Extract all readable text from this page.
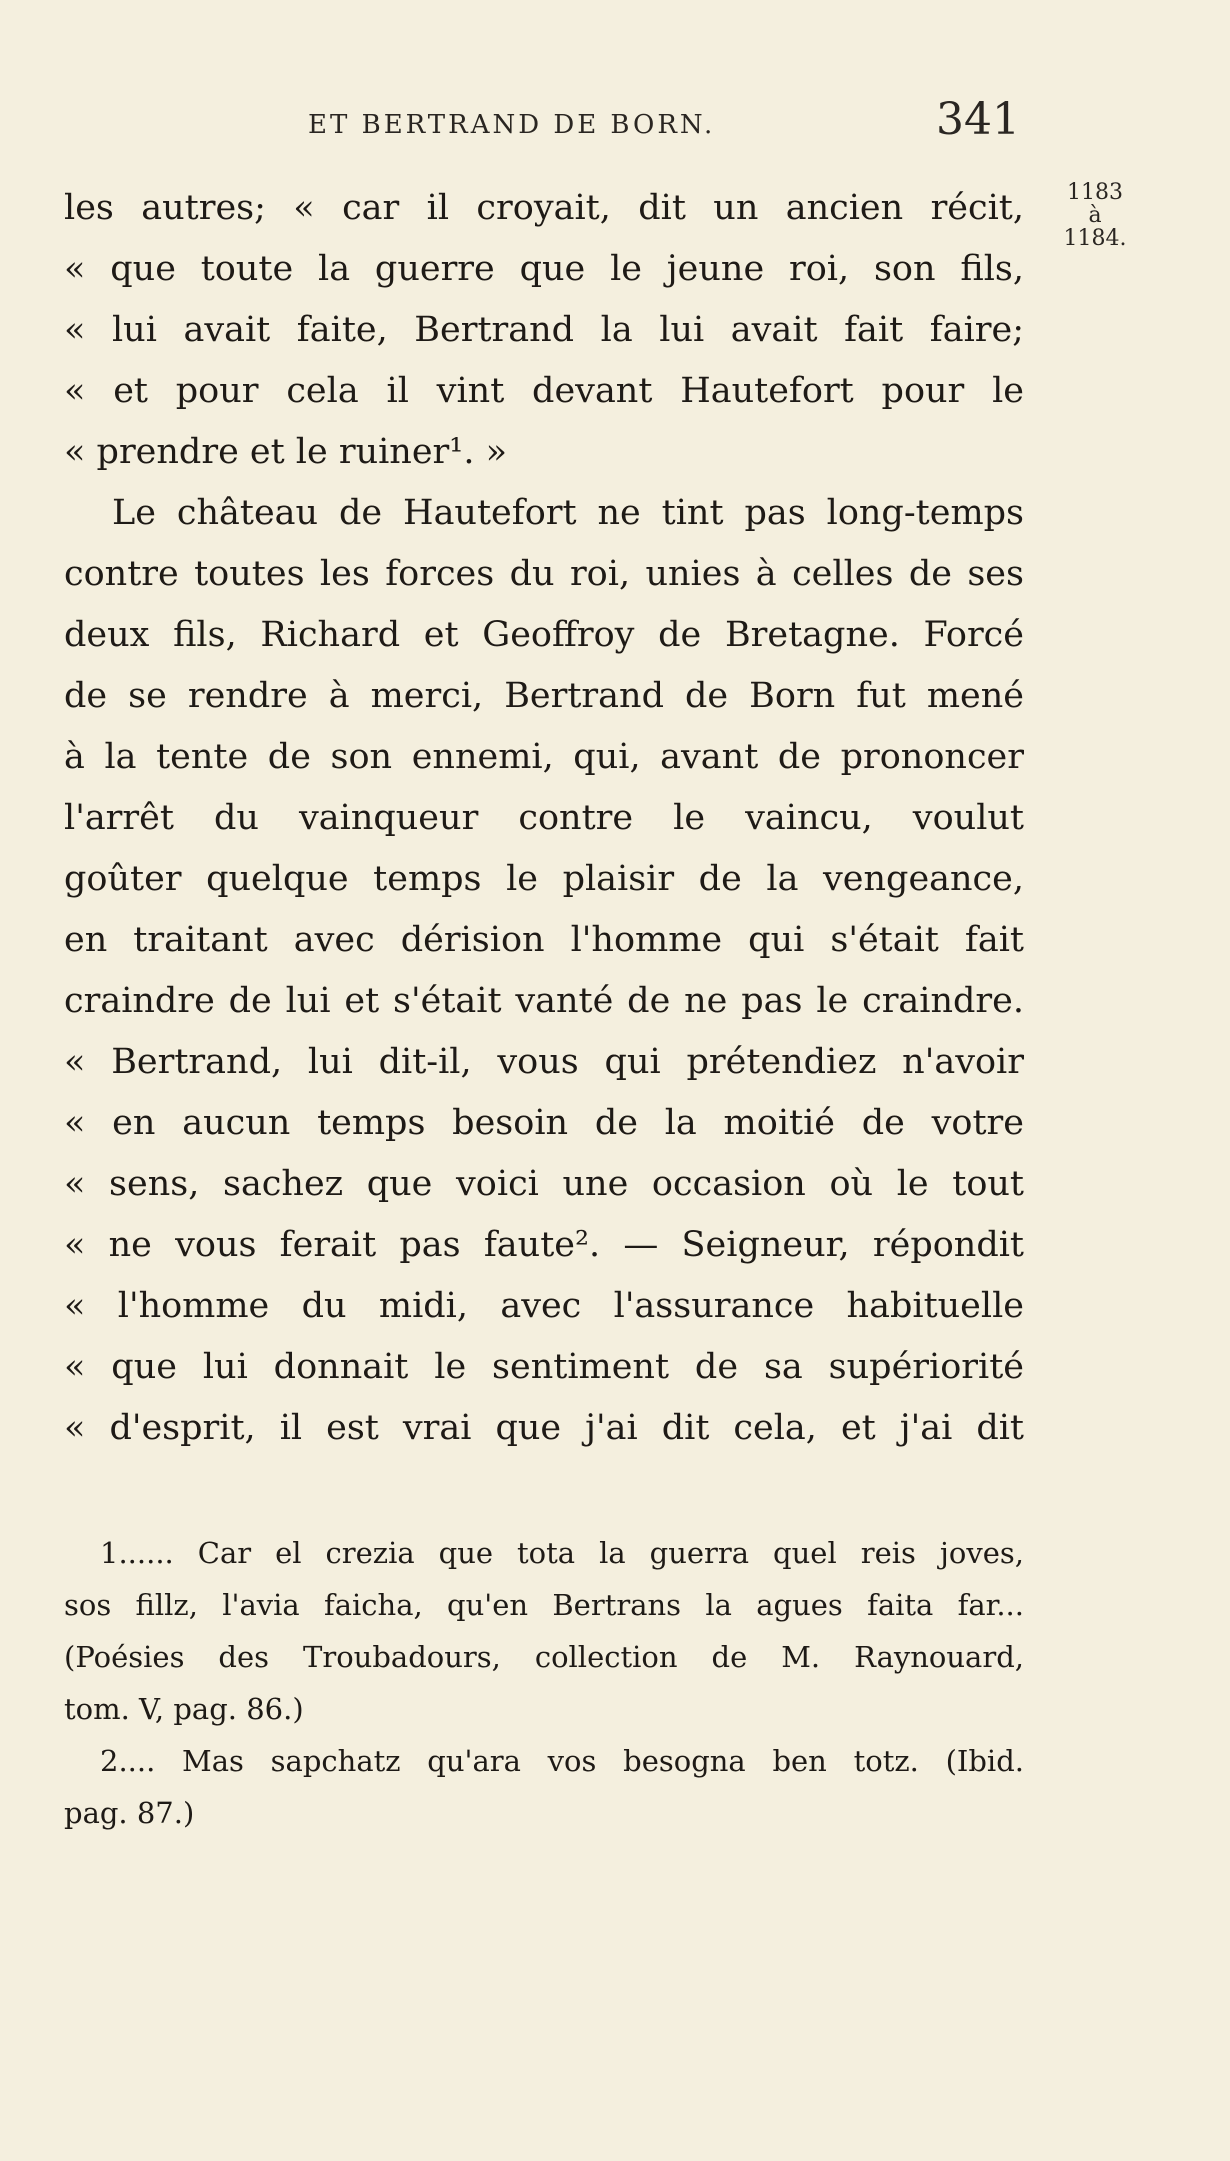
ET BERTRAND DE BORN.	341
1183
à
1184.
les autres; « car il croyait, dit un ancien récit,
« que toute la guerre que le jeune roi, son fils,
« lui avait faite, Bertrand la lui avait fait faire;
« et pour cela il vint devant Hautefort pour le
« prendre et le ruiner¹. »
Le château de Hautefort ne tint pas long-temps
contre toutes les forces du roi, unies à celles de ses
deux fils, Richard et Geoffroy de Bretagne. Forcé
de se rendre à merci, Bertrand de Born fut mené
à la tente de son ennemi, qui, avant de prononcer
l'arrêt du vainqueur contre le vaincu, voulut
goûter quelque temps le plaisir de la vengeance,
en traitant avec dérision l'homme qui s'était fait
craindre de lui et s'était vanté de ne pas le craindre.
« Bertrand, lui dit-il, vous qui prétendiez n'avoir
« en aucun temps besoin de la moitié de votre
« sens, sachez que voici une occasion où le tout
« ne vous ferait pas faute². — Seigneur, répondit
« l'homme du midi, avec l'assurance habituelle
« que lui donnait le sentiment de sa supériorité
« d'esprit, il est vrai que j'ai dit cela, et j'ai dit
1...... Car el crezia que tota la guerra quel reis joves,
sos fillz, l'avia faicha, qu'en Bertrans la agues faita far...
(Poésies des Troubadours, collection de M. Raynouard,
tom. V, pag. 86.)
2.... Mas sapchatz qu'ara vos besogna ben totz. (Ibid.
pag. 87.)
